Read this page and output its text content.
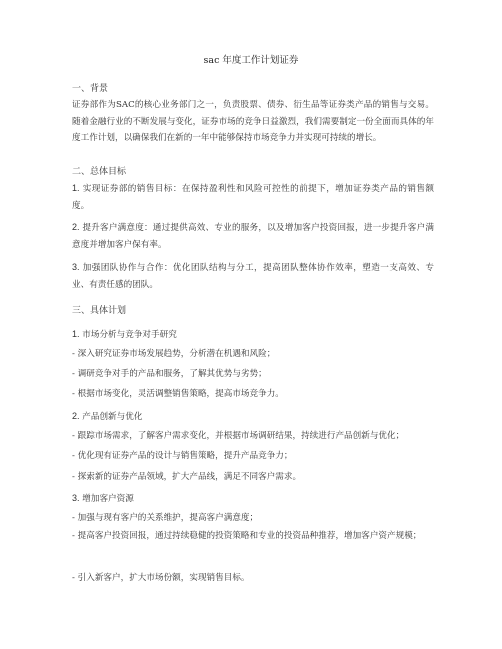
sac 年度工作计划证券
一、背景
证券部作为SAC的核心业务部门之一，负责股票、债券、衍生品等证券类产品的销售与交易。随着金融行业的不断发展与变化，证券市场的竞争日益激烈，我们需要制定一份全面而具体的年度工作计划，以确保我们在新的一年中能够保持市场竞争力并实现可持续的增长。
二、总体目标
1. 实现证券部的销售目标：在保持盈利性和风险可控性的前提下，增加证券类产品的销售额度。
2. 提升客户满意度：通过提供高效、专业的服务，以及增加客户投资回报，进一步提升客户满意度并增加客户保有率。
3. 加强团队协作与合作：优化团队结构与分工，提高团队整体协作效率，塑造一支高效、专业、有责任感的团队。
三、具体计划
1. 市场分析与竞争对手研究
- 深入研究证券市场发展趋势，分析潜在机遇和风险；
- 调研竞争对手的产品和服务，了解其优势与劣势；
- 根据市场变化，灵活调整销售策略，提高市场竞争力。
2. 产品创新与优化
- 跟踪市场需求，了解客户需求变化，并根据市场调研结果，持续进行产品创新与优化；
- 优化现有证券产品的设计与销售策略，提升产品竞争力；
- 探索新的证券产品领域，扩大产品线，满足不同客户需求。
3. 增加客户资源
- 加强与现有客户的关系维护，提高客户满意度；
- 提高客户投资回报，通过持续稳健的投资策略和专业的投资品种推荐，增加客户资产规模；
- 引入新客户，扩大市场份额，实现销售目标。
